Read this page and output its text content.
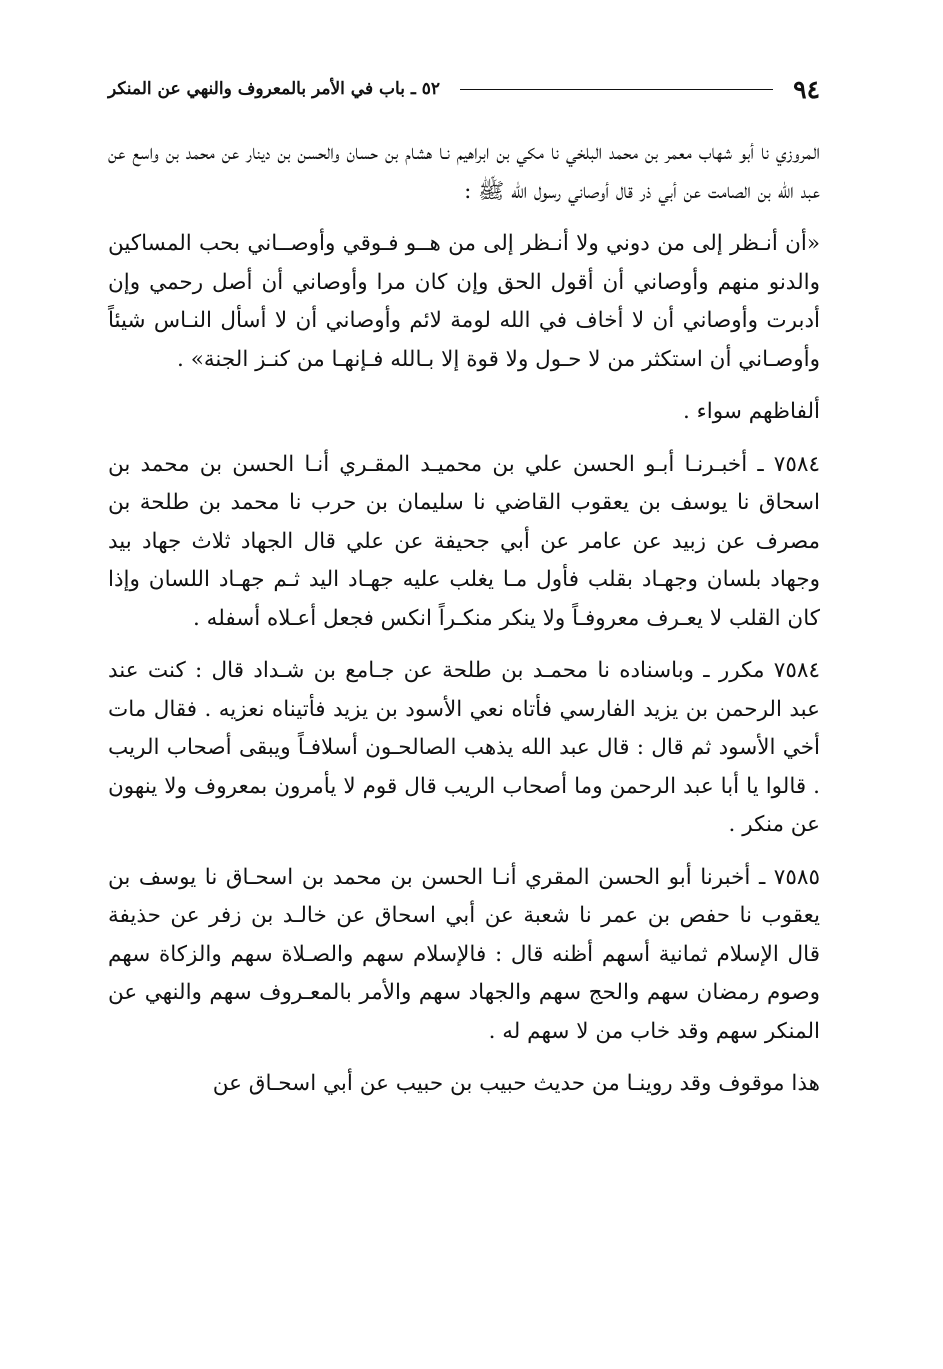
٩٤
٥٢ ـ باب في الأمر بالمعروف والنهي عن المنكر

المروزي نا أبو شهاب معمر بن محمد البلخي نا مكي بن ابراهيم نـا هشام بن حسان والحسن بن دينار عن محمد بن واسع عن عبد الله بن الصامت عن أبي ذر قال أوصاني رسول الله ﷺ :

«أن أنـظر إلى من دوني ولا أنـظر إلى من هــو فـوقي وأوصــاني بحب المساكين والدنو منهم وأوصاني أن أقول الحق وإن كان مرا وأوصاني أن أصل رحمي وإن أدبرت وأوصاني أن لا أخاف في الله لومة لائم وأوصاني أن لا أسأل النـاس شيئاً وأوصـاني أن استكثر من لا حـول ولا قوة إلا بـالله فـإنهـا من كنـز الجنة» .

ألفاظهم سواء .

٧٥٨٤ ـ أخبـرنـا أبـو الحسن علي بن محميـد المقـري أنـا الحسن بن محمد بن اسحاق نا يوسف بن يعقوب القاضي نا سليمان بن حرب نا محمد بن طلحة بن مصرف عن زبيد عن عامر عن أبي جحيفة عن علي قال الجهاد ثلاث جهاد بيد وجهاد بلسان وجهـاد بقلب فأول مـا يغلب عليه جهـاد اليد ثـم جهـاد اللسان وإذا كان القلب لا يعـرف معروفـاً ولا ينكر منكـراً انكس فجعل أعـلاه أسفله .

٧٥٨٤ مكرر ـ وباسناده نا محمـد بن طلحة عن جـامع بن شـداد قال : كنت عند عبد الرحمن بن يزيد الفارسي فأتاه نعي الأسود بن يزيد فأتيناه نعزيه . فقال مات أخي الأسود ثم قال : قال عبد الله يذهب الصالحـون أسلافـاً ويبقى أصحاب الريب . قالوا يا أبا عبد الرحمن وما أصحاب الريب قال قوم لا يأمرون بمعروف ولا ينهون عن منكر .

٧٥٨٥ ـ أخبرنا أبو الحسن المقري أنـا الحسن بن محمد بن اسحـاق نا يوسف بن يعقوب نا حفص بن عمر نا شعبة عن أبي اسحاق عن خالـد بن زفر عن حذيفة قال الإسلام ثمانية أسهم أظنه قال : فالإسلام سهم والصـلاة سهم والزكاة سهم وصوم رمضان سهم والحج سهم والجهاد سهم والأمر بالمعـروف سهم والنهي عن المنكر سهم وقد خاب من لا سهم له .

هذا موقوف وقد روينـا من حديث حبيب بن حبيب عن أبي اسحـاق عن
